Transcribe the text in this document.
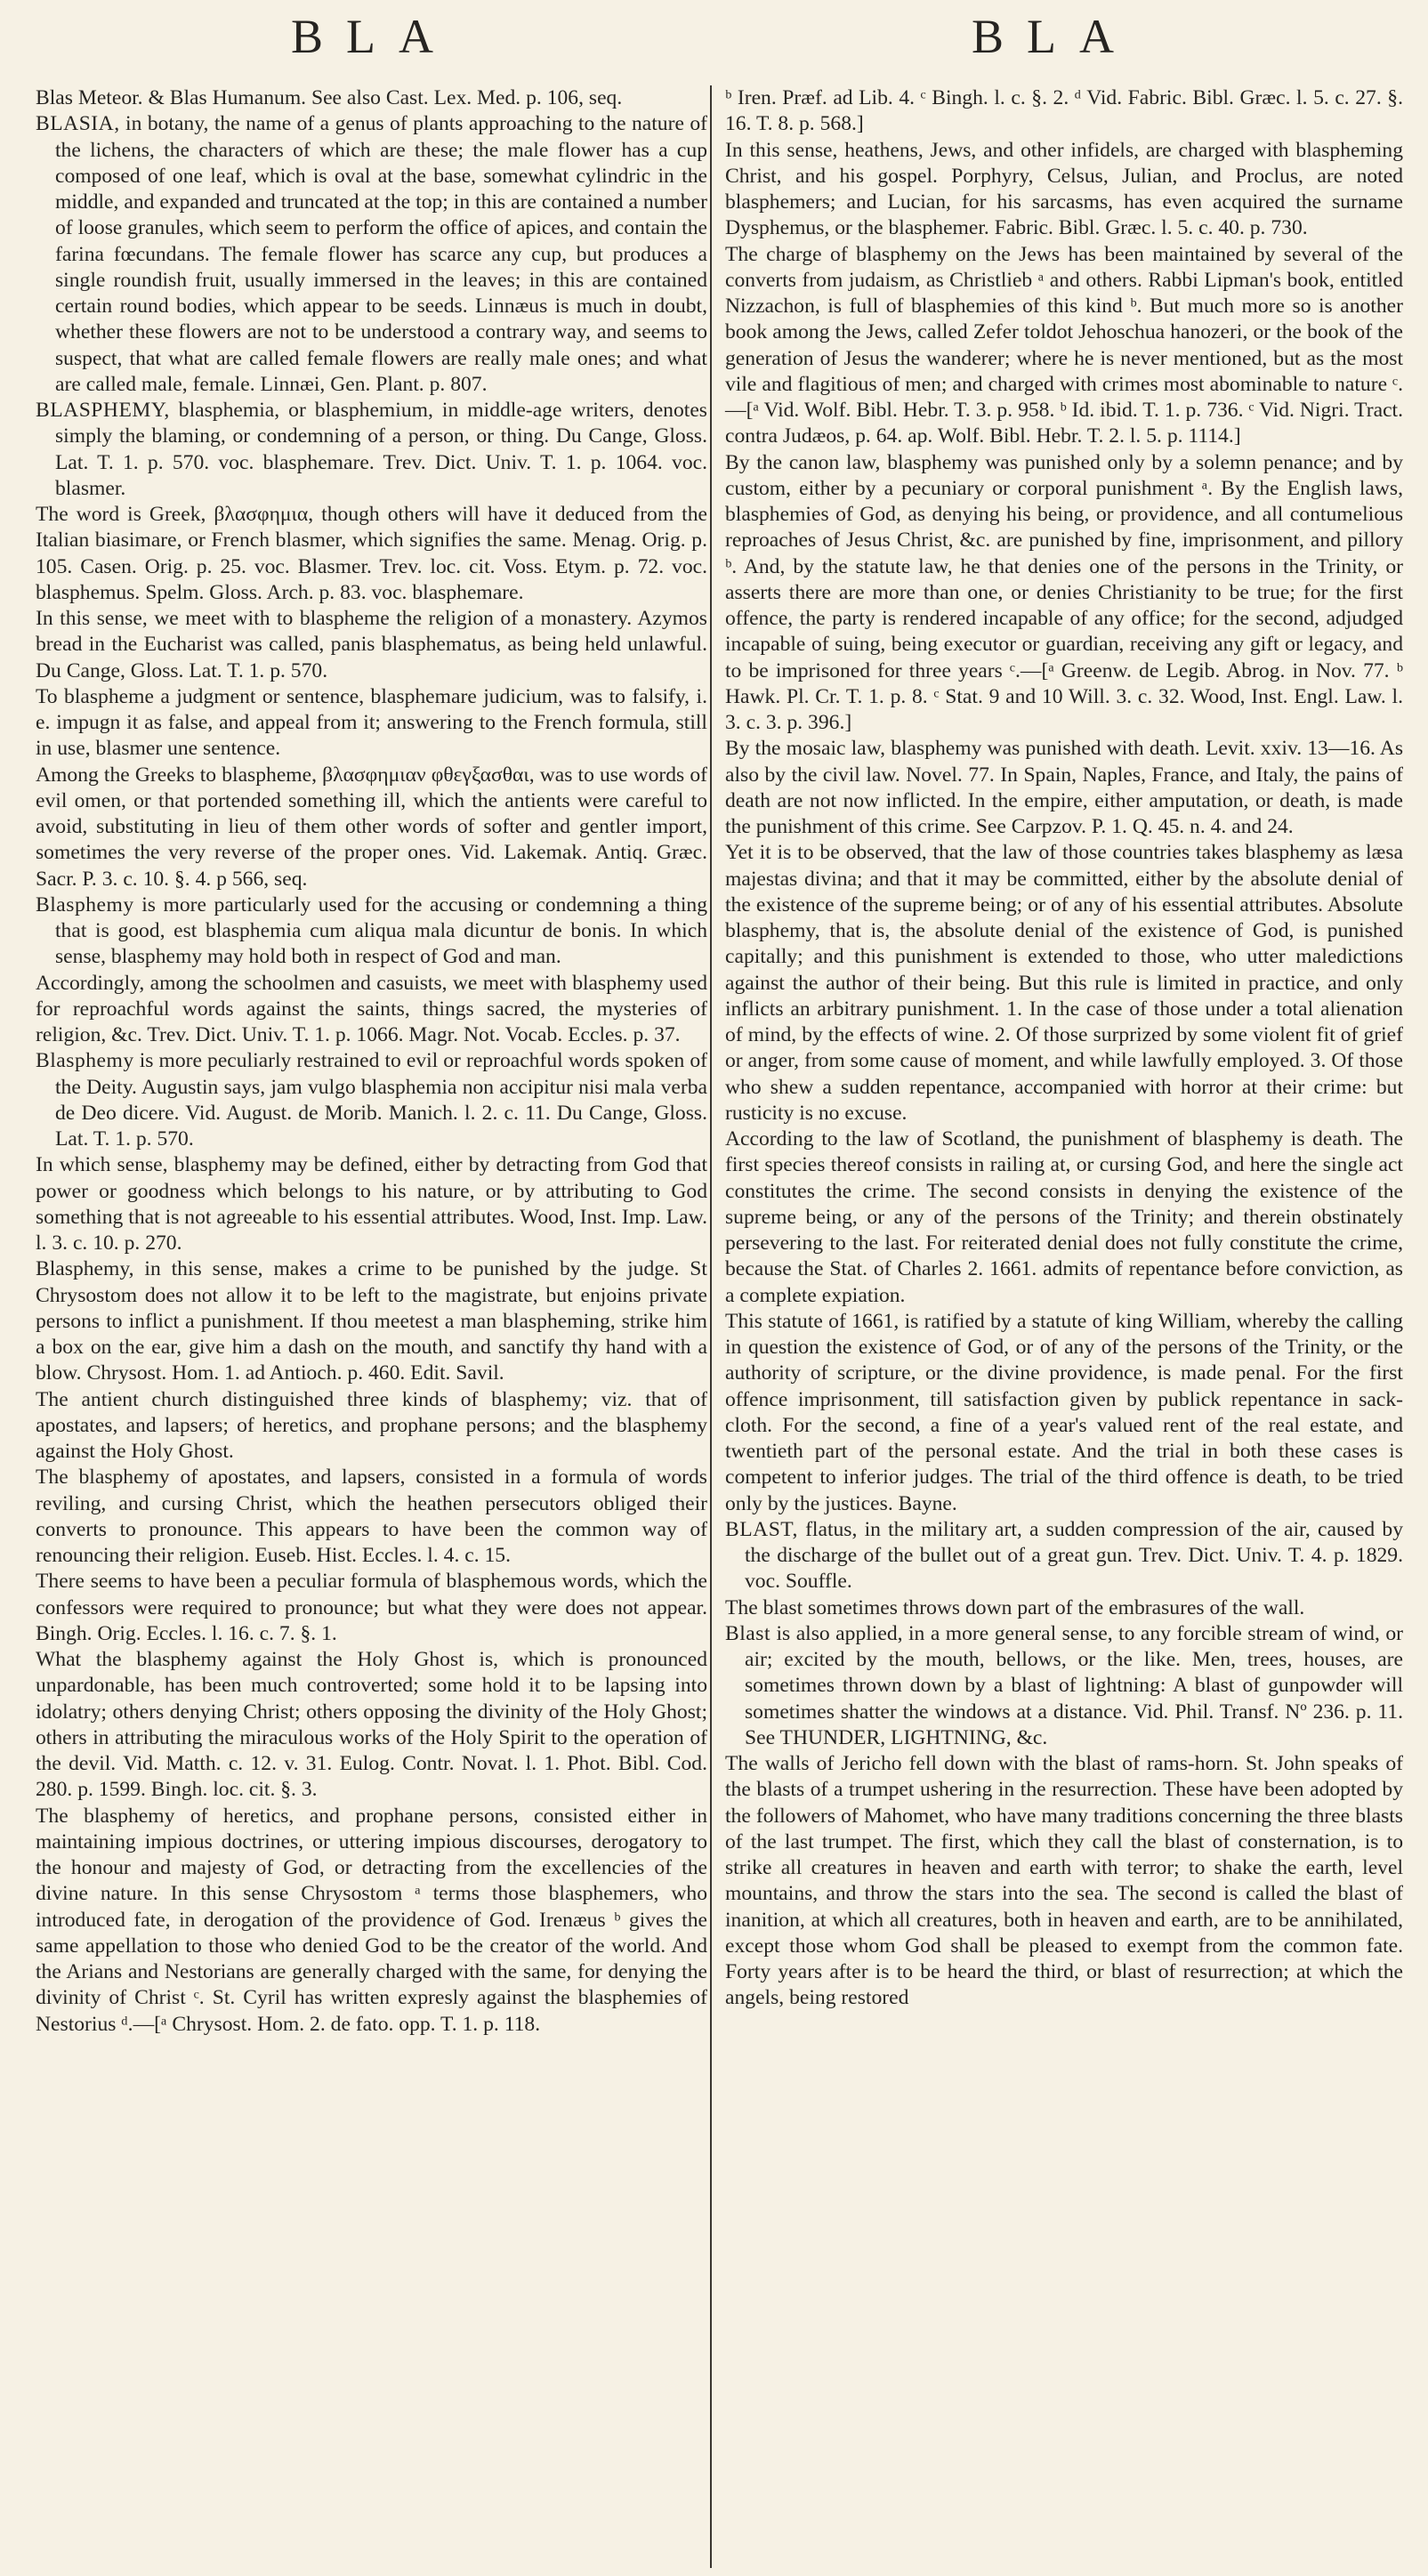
BLA	BLA

Blas Meteor. & Blas Humanum. See also Cast. Lex. Med. p. 106, seq.

BLASIA, in botany, the name of a genus of plants approaching to the nature of the lichens, the characters of which are these; the male flower has a cup composed of one leaf, which is oval at the base, somewhat cylindric in the middle, and expanded and truncated at the top; in this are contained a number of loose granules, which seem to perform the office of apices, and contain the farina fœcundans. The female flower has scarce any cup, but produces a single roundish fruit, usually immersed in the leaves; in this are contained certain round bodies, which appear to be seeds. Linnæus is much in doubt, whether these flowers are not to be understood a contrary way, and seems to suspect, that what are called female flowers are really male ones; and what are called male, female. Linnæi, Gen. Plant. p. 807.

BLASPHEMY, blasphemia, or blasphemium, in middle-age writers, denotes simply the blaming, or condemning of a person, or thing. Du Cange, Gloss. Lat. T. 1. p. 570. voc. blasphemare. Trev. Dict. Univ. T. 1. p. 1064. voc. blasmer.

The word is Greek, βλασφημια, though others will have it deduced from the Italian biasimare, or French blasmer, which signifies the same. Menag. Orig. p. 105. Casen. Orig. p. 25. voc. Blasmer. Trev. loc. cit. Voss. Etym. p. 72. voc. blasphemus. Spelm. Gloss. Arch. p. 83. voc. blasphemare.

In this sense, we meet with to blaspheme the religion of a monastery. Azymos bread in the Eucharist was called, panis blasphematus, as being held unlawful. Du Cange, Gloss. Lat. T. 1. p. 570.

To blaspheme a judgment or sentence, blasphemare judicium, was to falsify, i. e. impugn it as false, and appeal from it; answering to the French formula, still in use, blasmer une sentence.

Among the Greeks to blaspheme, βλασφημιαν φθεγξασθαι, was to use words of evil omen, or that portended something ill, which the antients were careful to avoid, substituting in lieu of them other words of softer and gentler import, sometimes the very reverse of the proper ones. Vid. Lakemak. Antiq. Græc. Sacr. P. 3. c. 10. §. 4. p 566, seq.

Blasphemy is more particularly used for the accusing or condemning a thing that is good, est blasphemia cum aliqua mala dicuntur de bonis. In which sense, blasphemy may hold both in respect of God and man.

Accordingly, among the schoolmen and casuists, we meet with blasphemy used for reproachful words against the saints, things sacred, the mysteries of religion, &c. Trev. Dict. Univ. T. 1. p. 1066. Magr. Not. Vocab. Eccles. p. 37.

Blasphemy is more peculiarly restrained to evil or reproachful words spoken of the Deity. Augustin says, jam vulgo blasphemia non accipitur nisi mala verba de Deo dicere. Vid. August. de Morib. Manich. l. 2. c. 11. Du Cange, Gloss. Lat. T. 1. p. 570.

In which sense, blasphemy may be defined, either by detracting from God that power or goodness which belongs to his nature, or by attributing to God something that is not agreeable to his essential attributes. Wood, Inst. Imp. Law. l. 3. c. 10. p. 270.

Blasphemy, in this sense, makes a crime to be punished by the judge. St Chrysostom does not allow it to be left to the magistrate, but enjoins private persons to inflict a punishment. If thou meetest a man blaspheming, strike him a box on the ear, give him a dash on the mouth, and sanctify thy hand with a blow. Chrysost. Hom. 1. ad Antioch. p. 460. Edit. Savil.

The antient church distinguished three kinds of blasphemy; viz. that of apostates, and lapsers; of heretics, and prophane persons; and the blasphemy against the Holy Ghost.

The blasphemy of apostates, and lapsers, consisted in a formula of words reviling, and cursing Christ, which the heathen persecutors obliged their converts to pronounce. This appears to have been the common way of renouncing their religion. Euseb. Hist. Eccles. l. 4. c. 15.

There seems to have been a peculiar formula of blasphemous words, which the confessors were required to pronounce; but what they were does not appear. Bingh. Orig. Eccles. l. 16. c. 7. §. 1.

What the blasphemy against the Holy Ghost is, which is pronounced unpardonable, has been much controverted; some hold it to be lapsing into idolatry; others denying Christ; others opposing the divinity of the Holy Ghost; others in attributing the miraculous works of the Holy Spirit to the operation of the devil. Vid. Matth. c. 12. v. 31. Eulog. Contr. Novat. l. 1. Phot. Bibl. Cod. 280. p. 1599. Bingh. loc. cit. §. 3.

The blasphemy of heretics, and prophane persons, consisted either in maintaining impious doctrines, or uttering impious discourses, derogatory to the honour and majesty of God, or detracting from the excellencies of the divine nature. In this sense Chrysostom ᵃ terms those blasphemers, who introduced fate, in derogation of the providence of God. Irenæus ᵇ gives the same appellation to those who denied God to be the creator of the world. And the Arians and Nestorians are generally charged with the same, for denying the divinity of Christ ᶜ. St. Cyril has written expresly against the blasphemies of Nestorius ᵈ.—[ᵃ Chrysost. Hom. 2. de fato. opp. T. 1. p. 118.

ᵇ Iren. Præf. ad Lib. 4. ᶜ Bingh. l. c. §. 2. ᵈ Vid. Fabric. Bibl. Græc. l. 5. c. 27. §. 16. T. 8. p. 568.]

In this sense, heathens, Jews, and other infidels, are charged with blaspheming Christ, and his gospel. Porphyry, Celsus, Julian, and Proclus, are noted blasphemers; and Lucian, for his sarcasms, has even acquired the surname Dysphemus, or the blasphemer. Fabric. Bibl. Græc. l. 5. c. 40. p. 730.

The charge of blasphemy on the Jews has been maintained by several of the converts from judaism, as Christlieb ᵃ and others. Rabbi Lipman's book, entitled Nizzachon, is full of blasphemies of this kind ᵇ. But much more so is another book among the Jews, called Zefer toldot Jehoschua hanozeri, or the book of the generation of Jesus the wanderer; where he is never mentioned, but as the most vile and flagitious of men; and charged with crimes most abominable to nature ᶜ.—[ᵃ Vid. Wolf. Bibl. Hebr. T. 3. p. 958. ᵇ Id. ibid. T. 1. p. 736. ᶜ Vid. Nigri. Tract. contra Judæos, p. 64. ap. Wolf. Bibl. Hebr. T. 2. l. 5. p. 1114.]

By the canon law, blasphemy was punished only by a solemn penance; and by custom, either by a pecuniary or corporal punishment ᵃ. By the English laws, blasphemies of God, as denying his being, or providence, and all contumelious reproaches of Jesus Christ, &c. are punished by fine, imprisonment, and pillory ᵇ. And, by the statute law, he that denies one of the persons in the Trinity, or asserts there are more than one, or denies Christianity to be true; for the first offence, the party is rendered incapable of any office; for the second, adjudged incapable of suing, being executor or guardian, receiving any gift or legacy, and to be imprisoned for three years ᶜ.—[ᵃ Greenw. de Legib. Abrog. in Nov. 77. ᵇ Hawk. Pl. Cr. T. 1. p. 8. ᶜ Stat. 9 and 10 Will. 3. c. 32. Wood, Inst. Engl. Law. l. 3. c. 3. p. 396.]

By the mosaic law, blasphemy was punished with death. Levit. xxiv. 13—16. As also by the civil law. Novel. 77. In Spain, Naples, France, and Italy, the pains of death are not now inflicted. In the empire, either amputation, or death, is made the punishment of this crime. See Carpzov. P. 1. Q. 45. n. 4. and 24.

Yet it is to be observed, that the law of those countries takes blasphemy as læsa majestas divina; and that it may be committed, either by the absolute denial of the existence of the supreme being; or of any of his essential attributes. Absolute blasphemy, that is, the absolute denial of the existence of God, is punished capitally; and this punishment is extended to those, who utter maledictions against the author of their being. But this rule is limited in practice, and only inflicts an arbitrary punishment. 1. In the case of those under a total alienation of mind, by the effects of wine. 2. Of those surprized by some violent fit of grief or anger, from some cause of moment, and while lawfully employed. 3. Of those who shew a sudden repentance, accompanied with horror at their crime: but rusticity is no excuse.

According to the law of Scotland, the punishment of blasphemy is death. The first species thereof consists in railing at, or cursing God, and here the single act constitutes the crime. The second consists in denying the existence of the supreme being, or any of the persons of the Trinity; and therein obstinately persevering to the last. For reiterated denial does not fully constitute the crime, because the Stat. of Charles 2. 1661. admits of repentance before conviction, as a complete expiation.

This statute of 1661, is ratified by a statute of king William, whereby the calling in question the existence of God, or of any of the persons of the Trinity, or the authority of scripture, or the divine providence, is made penal. For the first offence imprisonment, till satisfaction given by publick repentance in sack-cloth. For the second, a fine of a year's valued rent of the real estate, and twentieth part of the personal estate. And the trial in both these cases is competent to inferior judges. The trial of the third offence is death, to be tried only by the justices. Bayne.

BLAST, flatus, in the military art, a sudden compression of the air, caused by the discharge of the bullet out of a great gun. Trev. Dict. Univ. T. 4. p. 1829. voc. Souffle.

The blast sometimes throws down part of the embrasures of the wall.

Blast is also applied, in a more general sense, to any forcible stream of wind, or air; excited by the mouth, bellows, or the like. Men, trees, houses, are sometimes thrown down by a blast of lightning: A blast of gunpowder will sometimes shatter the windows at a distance. Vid. Phil. Transf. Nº 236. p. 11. See THUNDER, LIGHTNING, &c.

The walls of Jericho fell down with the blast of rams-horn. St. John speaks of the blasts of a trumpet ushering in the resurrection. These have been adopted by the followers of Mahomet, who have many traditions concerning the three blasts of the last trumpet. The first, which they call the blast of consternation, is to strike all creatures in heaven and earth with terror; to shake the earth, level mountains, and throw the stars into the sea. The second is called the blast of inanition, at which all creatures, both in heaven and earth, are to be annihilated, except those whom God shall be pleased to exempt from the common fate. Forty years after is to be heard the third, or blast of resurrection; at which the angels, being restored
